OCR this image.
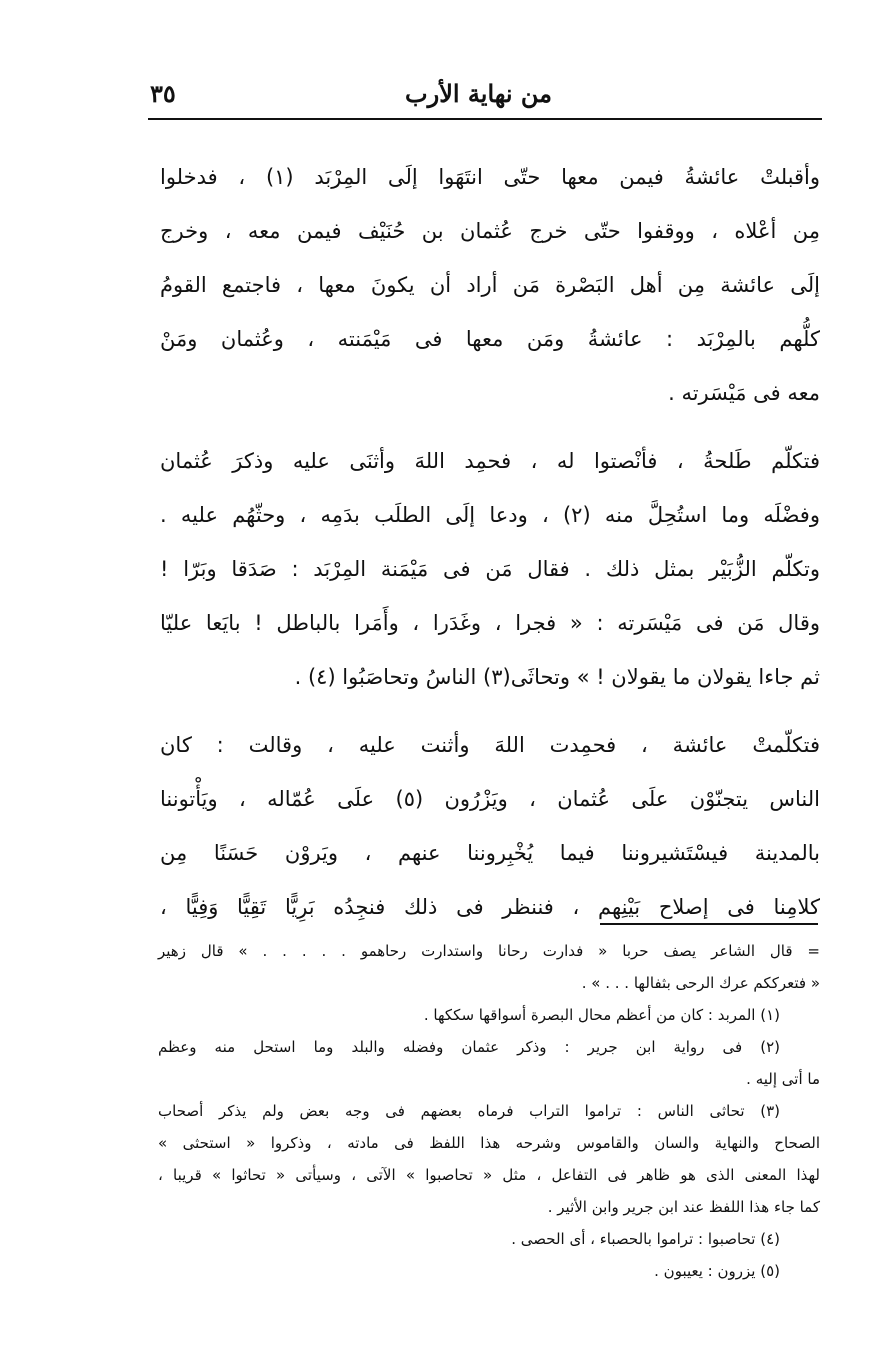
من نهاية الأرب
٣٥

وأقبلتْ عائشةُ فيمن معها حتّى انتَهَوا إلَى المِرْبَد (١) ، فدخلوا
مِن أعْلاه ، ووقفوا حتّى خرج عُثمان بن حُنَيْف فيمن معه ، وخرج
إلَى عائشة مِن أهل البَصْرة مَن أراد أن يكونَ معها ، فاجتمع القومُ
كلُّهم بالمِرْبَد : عائشةُ ومَن معها فى مَيْمَنته ، وعُثمان ومَنْ
معه فى مَيْسَرته .

فتكلّم طَلحةُ ، فأنْصتوا له ، فحمِد اللهَ وأثنَى عليه وذكرَ عُثمان
وفضْلَه وما استُحِلَّ منه (٢) ، ودعا إلَى الطلَب بدَمِه ، وحثّهُم عليه .
وتكلّم الزُّبَيْر بمثل ذلك . فقال مَن فى مَيْمَنة المِرْبَد : صَدَقا وبَرّا !
وقال مَن فى مَيْسَرته : « فجرا ، وغَدَرا ، وأَمَرا بالباطل ! بايَعا عليّا
ثم جاءا يقولان ما يقولان ! » وتحاثَى(٣) الناسُ وتحاصَبُوا (٤) .

فتكلّمتْ عائشة ، فحمِدت اللهَ وأثنت عليه ، وقالت : كان
الناس يتجنّوْن علَى عُثمان ، ويَزْرُون (٥) علَى عُمّاله ، ويَأْتوننا
بالمدينة فيسْتَشيروننا فيما يُخْبِروننا عنهم ، ويَروْن حَسَنًا مِن
كلامِنا فى إصلاح بَيْنِهم ، فننظر فى ذلك فنجِدُه بَرِيًّا تَقِيًّا وَفِيًّا ،

= قال الشاعر يصف حربا « فدارت رحانا واستدارت رحاهمو . . . . . » قال زهير
« فتعرككم عرك الرحى بثفالها . . . » .
(١) المربد : كان من أعظم محال البصرة أسواقها سككها .
(٢) فى رواية ابن جرير : وذكر عثمان وفضله والبلد وما استحل منه وعظم
ما أتى إليه .
(٣) تحاثى الناس : تراموا التراب فرماه بعضهم فى وجه بعض ولم يذكر أصحاب
الصحاح والنهاية والسان والقاموس وشرحه هذا اللفظ فى مادته ، وذكروا « استحثى »
لهذا المعنى الذى هو ظاهر فى التفاعل ، مثل « تحاصبوا » الآتى ، وسيأتى « تحاثوا » قريبا ،
كما جاء هذا اللفظ عند ابن جرير وابن الأثير .
(٤) تحاصبوا : تراموا بالحصباء ، أى الحصى .
(٥) يزرون : يعيبون .
